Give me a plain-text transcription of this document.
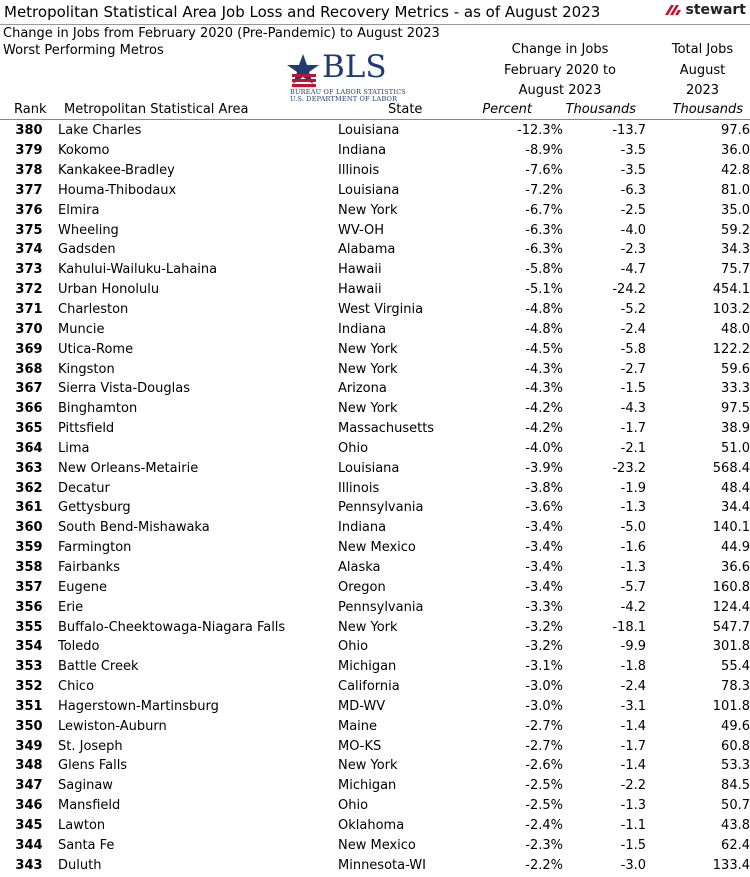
Metropolitan Statistical Area Job Loss and Recovery Metrics - as of August 2023	stewart
Change in Jobs from February 2020 (Pre-Pandemic) to August 2023
Worst Performing Metros	BLS
BUREAU OF LABOR STATISTICS
U.S. DEPARTMENT OF LABOR
Change in Jobs
February 2020 to
August 2023
Total Jobs
August
2023
Rank Metropolitan Statistical Area	State	Percent	Thousands	Thousands
380	Lake Charles	Louisiana	-12.3%	-13.7	97.6
379	Kokomo	Indiana	-8.9%	-3.5	36.0
378	Kankakee-Bradley	Illinois	-7.6%	-3.5	42.8
377	Houma-Thibodaux	Louisiana	-7.2%	-6.3	81.0
376	Elmira	New York	-6.7%	-2.5	35.0
375	Wheeling	WV-OH	-6.3%	-4.0	59.2
374	Gadsden	Alabama	-6.3%	-2.3	34.3
373	Kahului-Wailuku-Lahaina	Hawaii	-5.8%	-4.7	75.7
372	Urban Honolulu	Hawaii	-5.1%	-24.2	454.1
371	Charleston	West Virginia	-4.8%	-5.2	103.2
370	Muncie	Indiana	-4.8%	-2.4	48.0
369	Utica-Rome	New York	-4.5%	-5.8	122.2
368	Kingston	New York	-4.3%	-2.7	59.6
367	Sierra Vista-Douglas	Arizona	-4.3%	-1.5	33.3
366	Binghamton	New York	-4.2%	-4.3	97.5
365	Pittsfield	Massachusetts	-4.2%	-1.7	38.9
364	Lima	Ohio	-4.0%	-2.1	51.0
363	New Orleans-Metairie	Louisiana	-3.9%	-23.2	568.4
362	Decatur	Illinois	-3.8%	-1.9	48.4
361	Gettysburg	Pennsylvania	-3.6%	-1.3	34.4
360	South Bend-Mishawaka	Indiana	-3.4%	-5.0	140.1
359	Farmington	New Mexico	-3.4%	-1.6	44.9
358	Fairbanks	Alaska	-3.4%	-1.3	36.6
357	Eugene	Oregon	-3.4%	-5.7	160.8
356	Erie	Pennsylvania	-3.3%	-4.2	124.4
355	Buffalo-Cheektowaga-Niagara Falls	New York	-3.2%	-18.1	547.7
354	Toledo	Ohio	-3.2%	-9.9	301.8
353	Battle Creek	Michigan	-3.1%	-1.8	55.4
352	Chico	California	-3.0%	-2.4	78.3
351	Hagerstown-Martinsburg	MD-WV	-3.0%	-3.1	101.8
350	Lewiston-Auburn	Maine	-2.7%	-1.4	49.6
349	St. Joseph	MO-KS	-2.7%	-1.7	60.8
348	Glens Falls	New York	-2.6%	-1.4	53.3
347	Saginaw	Michigan	-2.5%	-2.2	84.5
346	Mansfield	Ohio	-2.5%	-1.3	50.7
345	Lawton	Oklahoma	-2.4%	-1.1	43.8
344	Santa Fe	New Mexico	-2.3%	-1.5	62.4
343	Duluth	Minnesota-WI	-2.2%	-3.0	133.4
